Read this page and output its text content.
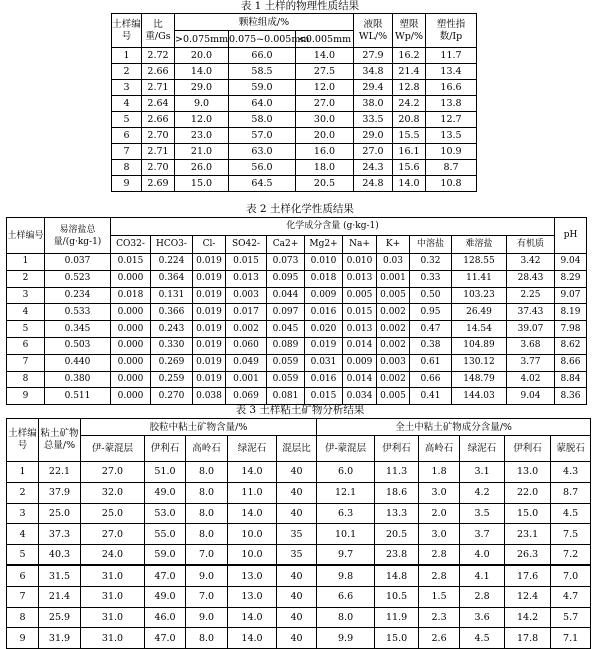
表 1 土样的物理性质结果
土样编号	比重/Gs	颗粒组成/%			液限WL/%	塑限Wp/%	塑性指数/Ip
		>0.075mm	0.075~0.005mm	<0.005mm			
1	2.72	20.0	66.0	14.0	27.9	16.2	11.7
2	2.66	14.0	58.5	27.5	34.8	21.4	13.4
3	2.71	29.0	59.0	12.0	29.4	12.8	16.6
4	2.64	9.0	64.0	27.0	38.0	24.2	13.8
5	2.66	12.0	58.0	30.0	33.5	20.8	12.7
6	2.70	23.0	57.0	20.0	29.0	15.5	13.5
7	2.71	21.0	63.0	16.0	27.0	16.1	10.9
8	2.70	26.0	56.0	18.0	24.3	15.6	8.7
9	2.69	15.0	64.5	20.5	24.8	14.0	10.8
表 2 土样化学性质结果
土样编号	易溶盐总量/(g·kg-1)	化学成分含量 (g·kg-1)											pH
		CO32-	HCO3-	Cl-	SO42-	Ca2+	Mg2+	Na+	K+	中溶盐	难溶盐	有机质	
1	0.037	0.015	0.224	0.019	0.015	0.073	0.010	0.010	0.03	0.32	128.55	3.42	9.04
2	0.523	0.000	0.364	0.019	0.013	0.095	0.018	0.013	0.001	0.33	11.41	28.43	8.29
3	0.234	0.018	0.131	0.019	0.003	0.044	0.009	0.005	0.005	0.50	103.23	2.25	9.07
4	0.533	0.000	0.366	0.019	0.017	0.097	0.016	0.015	0.002	0.95	26.49	37.43	8.19
5	0.345	0.000	0.243	0.019	0.002	0.045	0.020	0.013	0.002	0.47	14.54	39.07	7.98
6	0.503	0.000	0.330	0.019	0.060	0.089	0.019	0.014	0.002	0.38	104.89	3.68	8.62
7	0.440	0.000	0.269	0.019	0.049	0.059	0.031	0.009	0.003	0.61	130.12	3.77	8.66
8	0.380	0.000	0.259	0.019	0.001	0.059	0.016	0.014	0.002	0.66	148.79	4.02	8.84
9	0.511	0.000	0.270	0.038	0.069	0.081	0.015	0.034	0.005	0.41	144.03	9.04	8.36
表 3 土样粘土矿物分析结果
土样编号	粘土矿物总量/%	胶粒中粘土矿物含量/%					全土中粘土矿物成分含量/%					
		伊-蒙混层	伊利石	高岭石	绿泥石	混层比	伊-蒙混层	伊利石	高岭石	绿泥石	伊利石	蒙脱石
1	22.1	27.0	51.0	8.0	14.0	40	6.0	11.3	1.8	3.1	13.0	4.3
2	37.9	32.0	49.0	8.0	11.0	40	12.1	18.6	3.0	4.2	22.0	8.7
3	25.0	25.0	53.0	8.0	14.0	40	6.3	13.3	2.0	3.5	15.0	4.5
4	37.3	27.0	55.0	8.0	10.0	35	10.1	20.5	3.0	3.7	23.1	7.5
5	40.3	24.0	59.0	7.0	10.0	35	9.7	23.8	2.8	4.0	26.3	7.2
6	31.5	31.0	47.0	9.0	13.0	40	9.8	14.8	2.8	4.1	17.6	7.0
7	21.4	31.0	49.0	7.0	13.0	40	6.6	10.5	1.5	2.8	12.4	4.7
8	25.9	31.0	46.0	9.0	14.0	40	8.0	11.9	2.3	3.6	14.2	5.7
9	31.9	31.0	47.0	8.0	14.0	40	9.9	15.0	2.6	4.5	17.8	7.1
